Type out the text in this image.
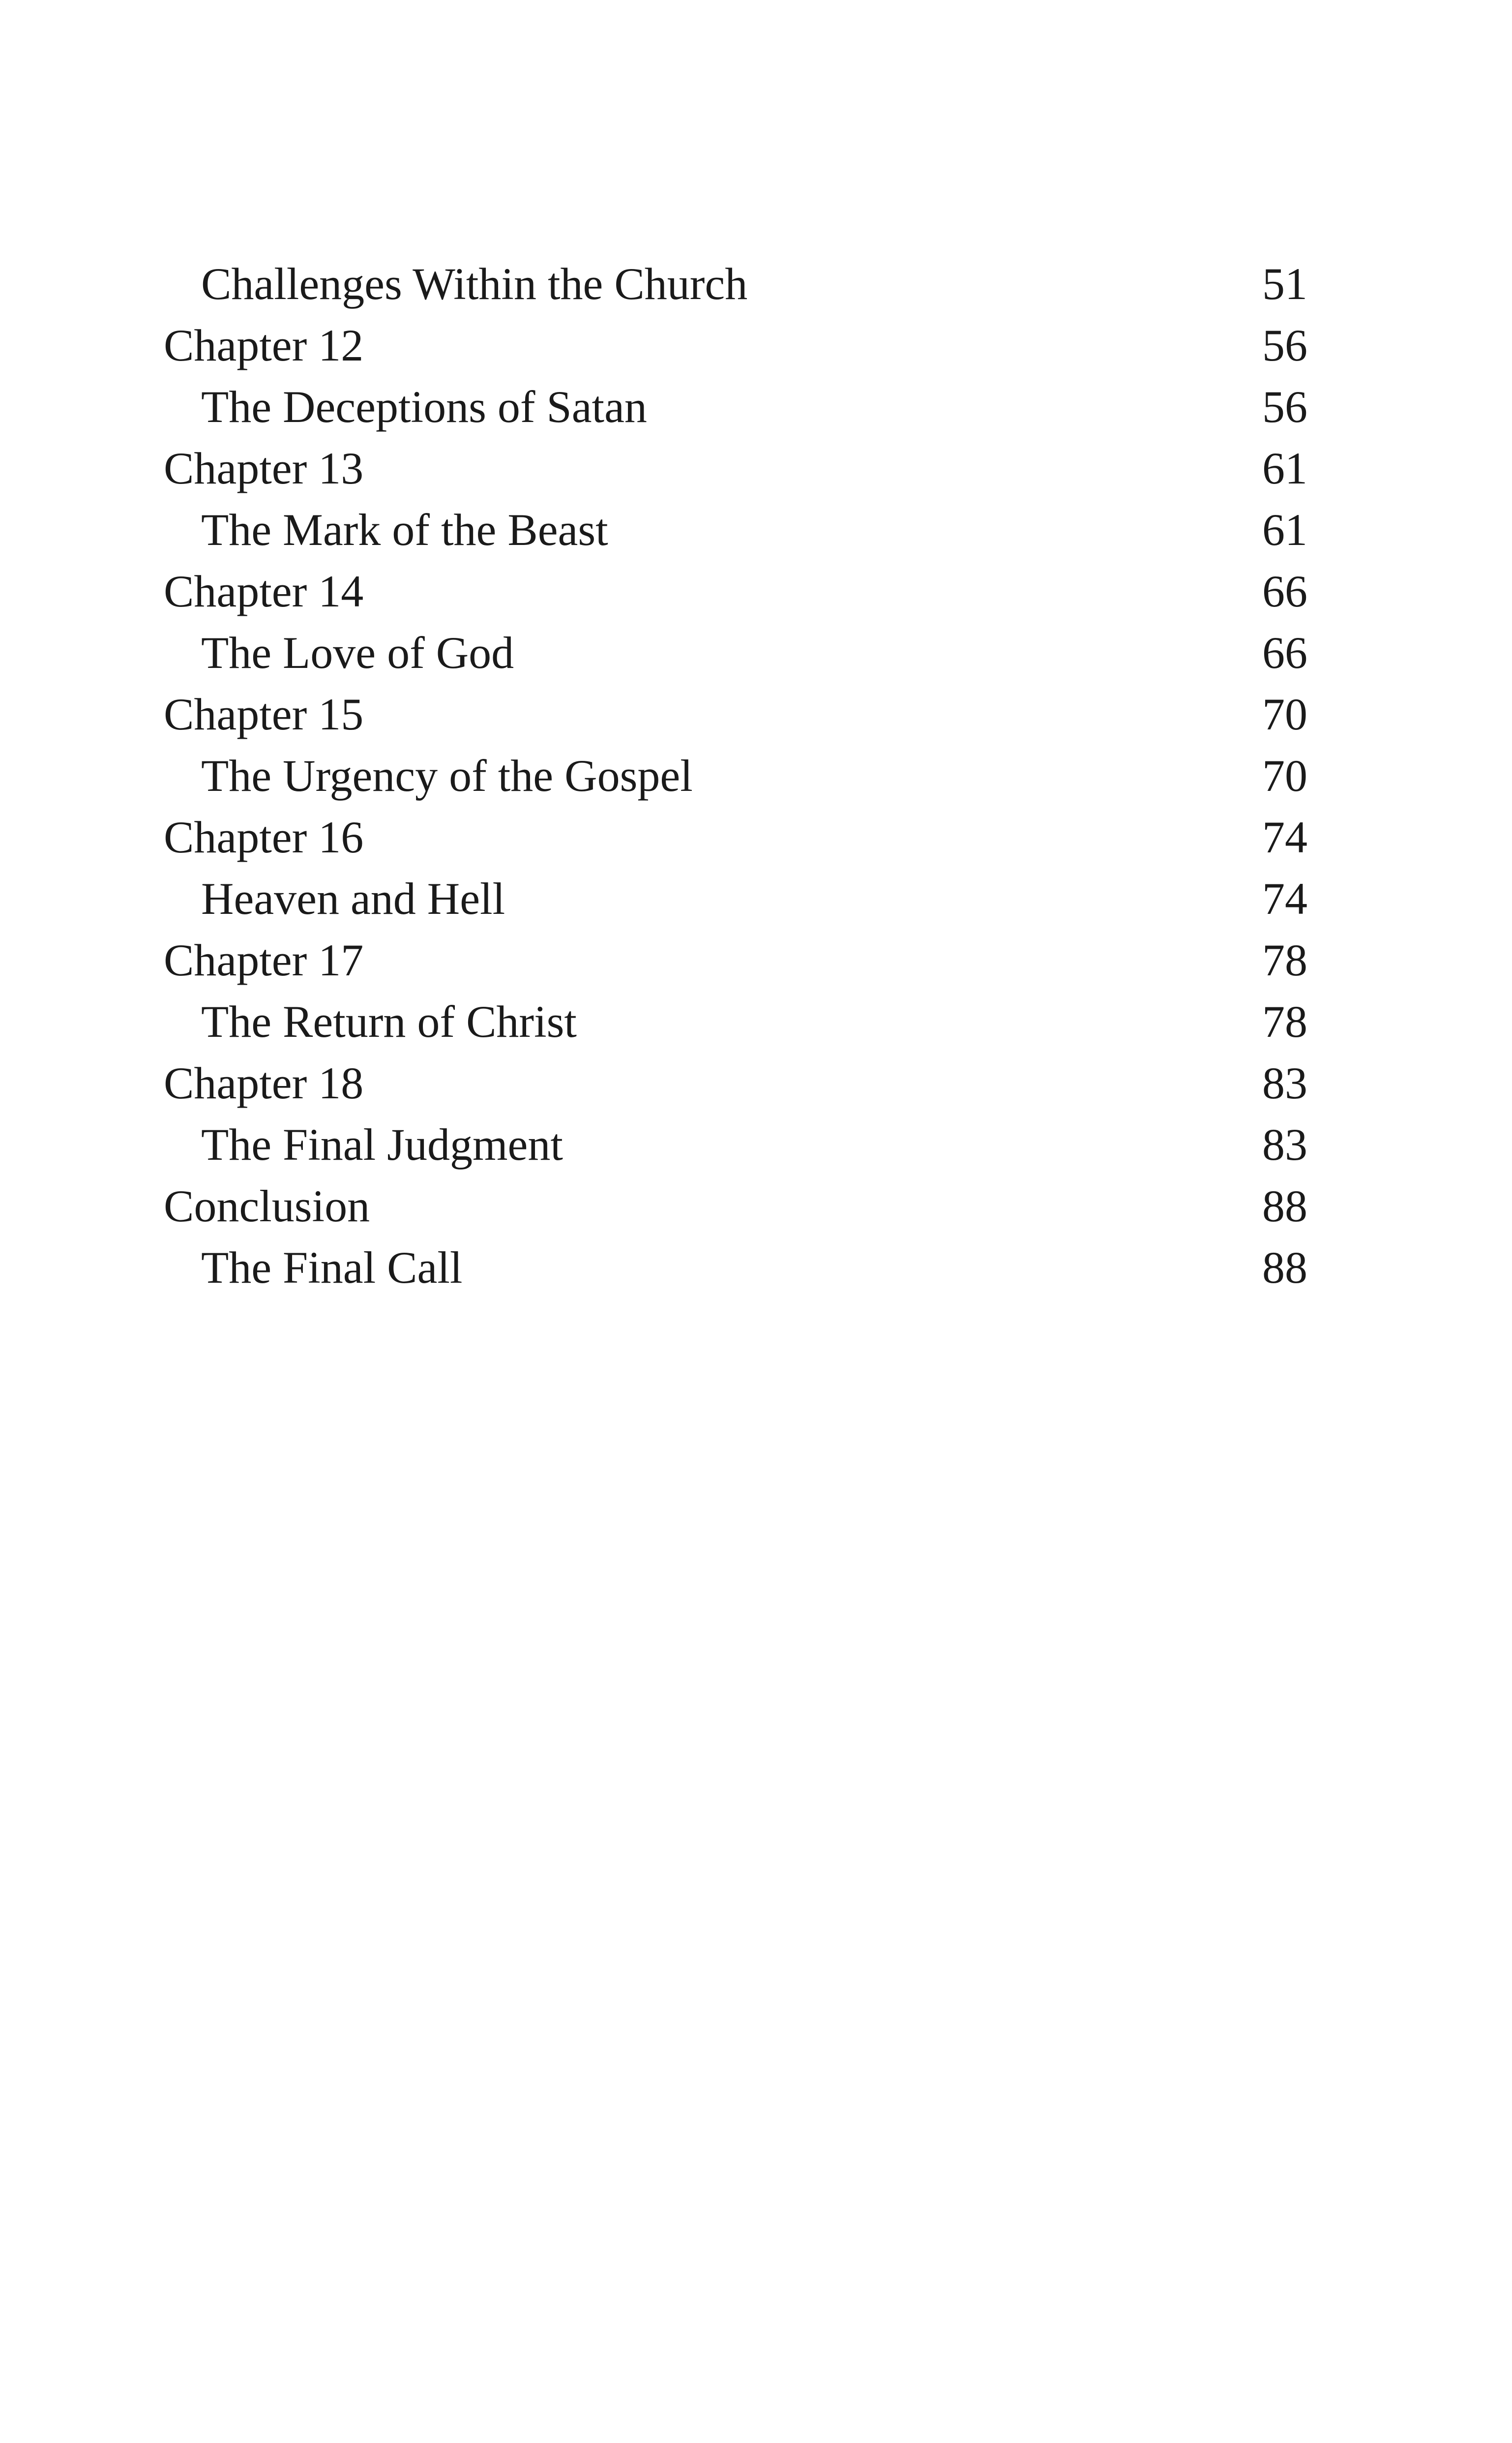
Challenges Within the Church	51
Chapter 12	56
The Deceptions of Satan	56
Chapter 13	61
The Mark of the Beast	61
Chapter 14	66
The Love of God	66
Chapter 15	70
The Urgency of the Gospel	70
Chapter 16	74
Heaven and Hell	74
Chapter 17	78
The Return of Christ	78
Chapter 18	83
The Final Judgment	83
Conclusion	88
The Final Call	88
